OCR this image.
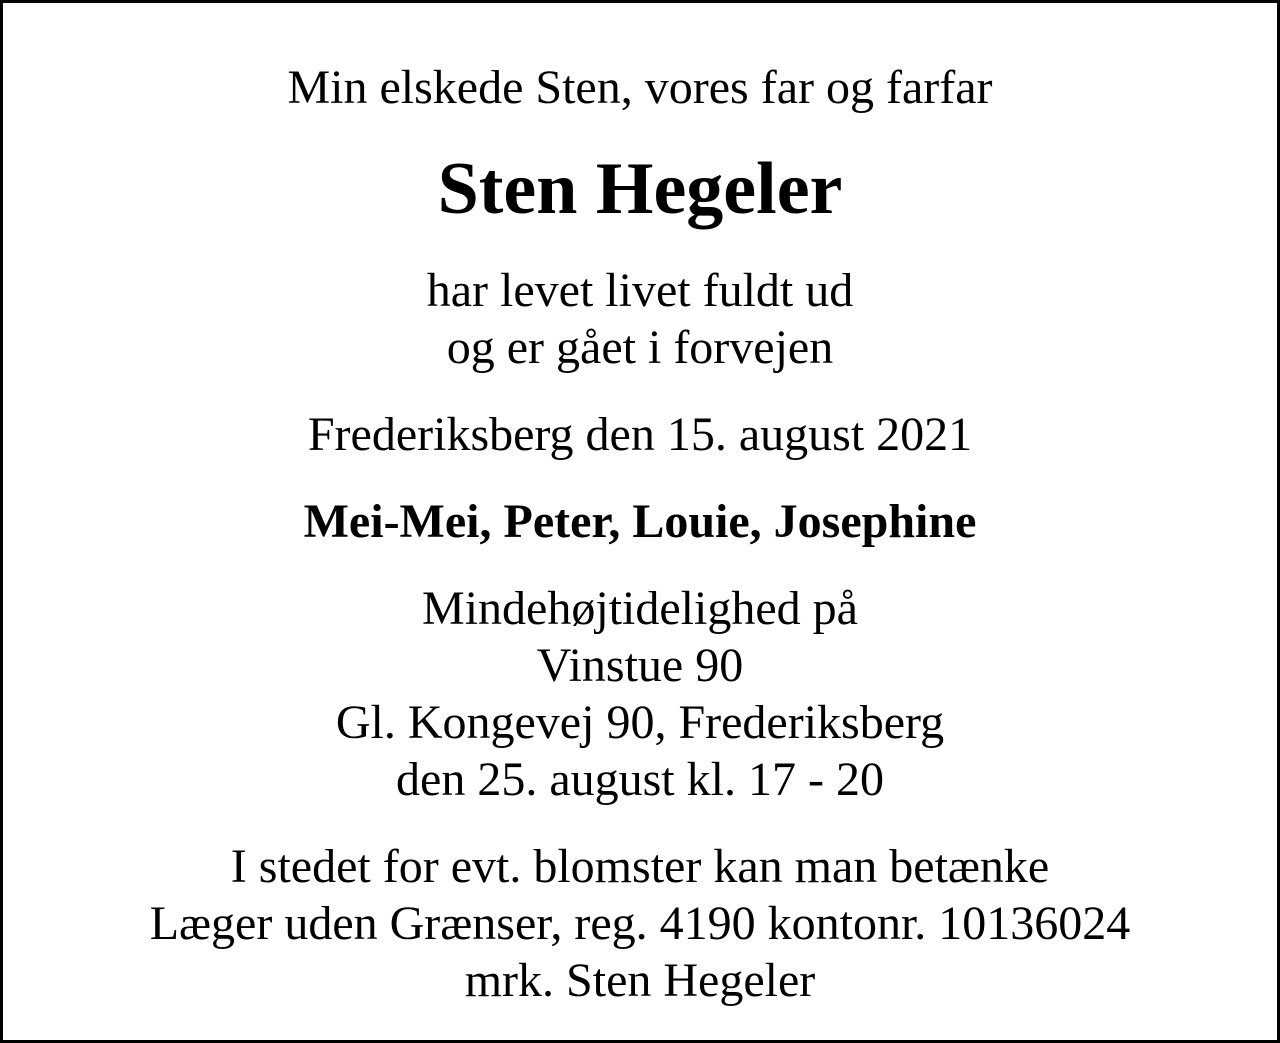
Min elskede Sten, vores far og farfar

Sten Hegeler

har levet livet fuldt ud
og er gået i forvejen

Frederiksberg den 15. august 2021

Mei-Mei, Peter, Louie, Josephine

Mindehøjtidelighed på
Vinstue 90
Gl. Kongevej 90, Frederiksberg
den 25. august kl. 17 - 20

I stedet for evt. blomster kan man betænke
Læger uden Grænser, reg. 4190 kontonr. 10136024
mrk. Sten Hegeler
